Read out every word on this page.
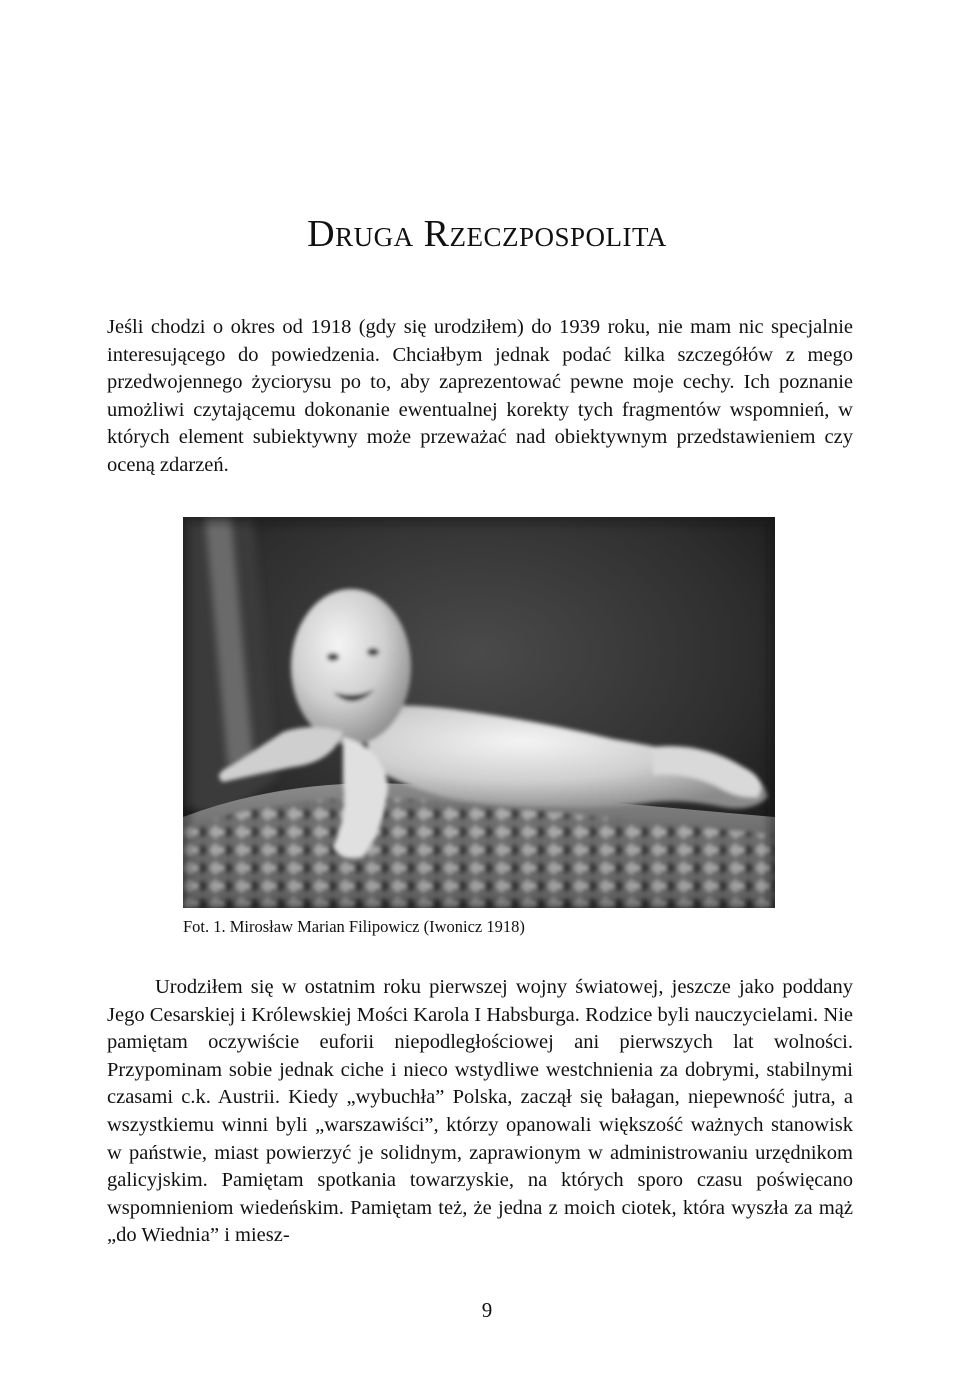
Druga Rzeczpospolita

Jeśli chodzi o okres od 1918 (gdy się urodziłem) do 1939 roku, nie mam nic specjalnie interesującego do powiedzenia. Chciałbym jednak podać kilka szczegółów z mego przedwojennego życiorysu po to, aby zaprezentować pewne moje cechy. Ich poznanie umożliwi czytającemu dokonanie ewentualnej korekty tych fragmentów wspomnień, w których element subiektywny może przeważać nad obiektywnym przedstawieniem czy oceną zdarzeń.

Fot. 1. Mirosław Marian Filipowicz (Iwonicz 1918)

Urodziłem się w ostatnim roku pierwszej wojny światowej, jeszcze jako poddany Jego Cesarskiej i Królewskiej Mości Karola I Habsburga. Rodzice byli nauczycielami. Nie pamiętam oczywiście euforii niepodległościowej ani pierwszych lat wolności. Przypominam sobie jednak ciche i nieco wstydliwe westchnienia za dobrymi, stabilnymi czasami c.k. Austrii. Kiedy „wybuchła” Polska, zaczął się bałagan, niepewność jutra, a wszystkiemu winni byli „warszawiści”, którzy opanowali większość ważnych stanowisk w państwie, miast powierzyć je solidnym, zaprawionym w administrowaniu urzędnikom galicyjskim. Pamiętam spotkania towarzyskie, na których sporo czasu poświęcano wspomnieniom wiedeńskim. Pamiętam też, że jedna z moich ciotek, która wyszła za mąż „do Wiednia” i miesz-

9
